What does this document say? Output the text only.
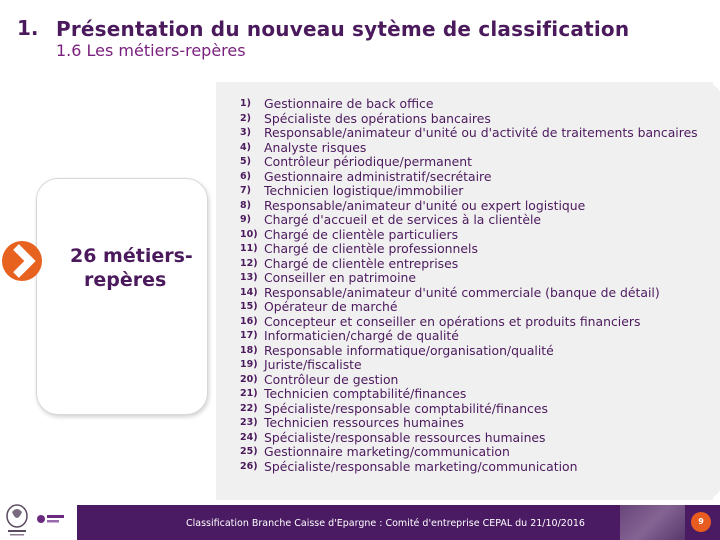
1. Présentation du nouveau sytème de classification
1.6 Les métiers-repères
26 métiers-
repères
1) Gestionnaire de back office
2) Spécialiste des opérations bancaires
3) Responsable/animateur d'unité ou d'activité de traitements bancaires
4) Analyste risques
5) Contrôleur périodique/permanent
6) Gestionnaire administratif/secrétaire
7) Technicien logistique/immobilier
8) Responsable/animateur d'unité ou expert logistique
9) Chargé d'accueil et de services à la clientèle
10) Chargé de clientèle particuliers
11) Chargé de clientèle professionnels
12) Chargé de clientèle entreprises
13) Conseiller en patrimoine
14) Responsable/animateur d'unité commerciale (banque de détail)
15) Opérateur de marché
16) Concepteur et conseiller en opérations et produits financiers
17) Informaticien/chargé de qualité
18) Responsable informatique/organisation/qualité
19) Juriste/fiscaliste
20) Contrôleur de gestion
21) Technicien comptabilité/finances
22) Spécialiste/responsable comptabilité/finances
23) Technicien ressources humaines
24) Spécialiste/responsable ressources humaines
25) Gestionnaire marketing/communication
26) Spécialiste/responsable marketing/communication
Classification Branche Caisse d'Epargne : Comité d'entreprise CEPAL du 21/10/2016	9
